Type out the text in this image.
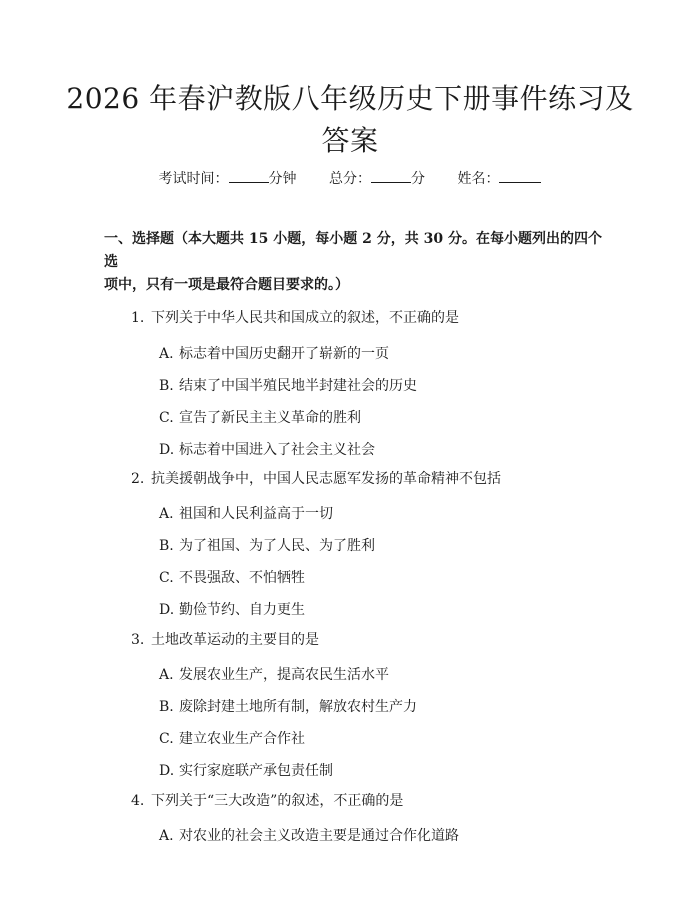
2026 年春沪教版八年级历史下册事件练习及
答案
考试时间：	分钟 总分：	分 姓名：
一、选择题（本大题共 15 小题，每小题 2 分，共 30 分。在每小题列出的四个选
项中，只有一项是最符合题目要求的。）
1. 下列关于中华人民共和国成立的叙述，不正确的是
A. 标志着中国历史翻开了崭新的一页
B. 结束了中国半殖民地半封建社会的历史
C. 宣告了新民主主义革命的胜利
D. 标志着中国进入了社会主义社会
2. 抗美援朝战争中，中国人民志愿军发扬的革命精神不包括
A. 祖国和人民利益高于一切
B. 为了祖国、为了人民、为了胜利
C. 不畏强敌、不怕牺牲
D. 勤俭节约、自力更生
3. 土地改革运动的主要目的是
A. 发展农业生产，提高农民生活水平
B. 废除封建土地所有制，解放农村生产力
C. 建立农业生产合作社
D. 实行家庭联产承包责任制
4. 下列关于“三大改造”的叙述，不正确的是
A. 对农业的社会主义改造主要是通过合作化道路
